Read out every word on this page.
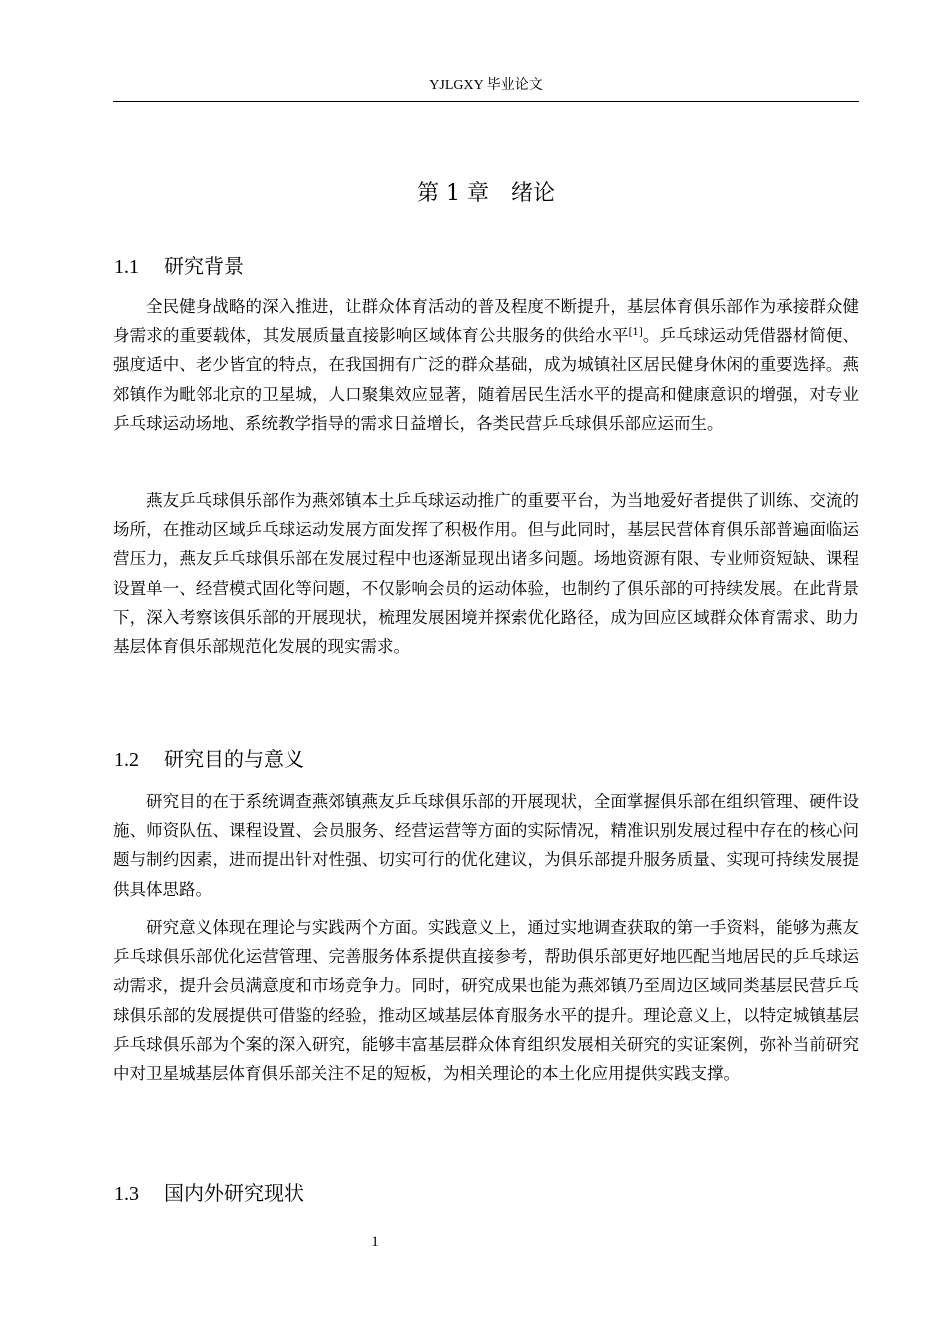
YJLGXY 毕业论文
第 1 章 绪论
1.1 研究背景

全民健身战略的深入推进，让群众体育活动的普及程度不断提升，基层体育俱乐部作为承接群众健身需求的重要载体，其发展质量直接影响区域体育公共服务的供给水平[1]。乒乓球运动凭借器材简便、强度适中、老少皆宜的特点，在我国拥有广泛的群众基础，成为城镇社区居民健身休闲的重要选择。燕郊镇作为毗邻北京的卫星城，人口聚集效应显著，随着居民生活水平的提高和健康意识的增强，对专业乒乓球运动场地、系统教学指导的需求日益增长，各类民营乒乓球俱乐部应运而生。

燕友乒乓球俱乐部作为燕郊镇本土乒乓球运动推广的重要平台，为当地爱好者提供了训练、交流的场所，在推动区域乒乓球运动发展方面发挥了积极作用。但与此同时，基层民营体育俱乐部普遍面临运营压力，燕友乒乓球俱乐部在发展过程中也逐渐显现出诸多问题。场地资源有限、专业师资短缺、课程设置单一、经营模式固化等问题，不仅影响会员的运动体验，也制约了俱乐部的可持续发展。在此背景下，深入考察该俱乐部的开展现状，梳理发展困境并探索优化路径，成为回应区域群众体育需求、助力基层体育俱乐部规范化发展的现实需求。

1.2 研究目的与意义

研究目的在于系统调查燕郊镇燕友乒乓球俱乐部的开展现状，全面掌握俱乐部在组织管理、硬件设施、师资队伍、课程设置、会员服务、经营运营等方面的实际情况，精准识别发展过程中存在的核心问题与制约因素，进而提出针对性强、切实可行的优化建议，为俱乐部提升服务质量、实现可持续发展提供具体思路。

研究意义体现在理论与实践两个方面。实践意义上，通过实地调查获取的第一手资料，能够为燕友乒乓球俱乐部优化运营管理、完善服务体系提供直接参考，帮助俱乐部更好地匹配当地居民的乒乓球运动需求，提升会员满意度和市场竞争力。同时，研究成果也能为燕郊镇乃至周边区域同类基层民营乒乓球俱乐部的发展提供可借鉴的经验，推动区域基层体育服务水平的提升。理论意义上，以特定城镇基层乒乓球俱乐部为个案的深入研究，能够丰富基层群众体育组织发展相关研究的实证案例，弥补当前研究中对卫星城基层体育俱乐部关注不足的短板，为相关理论的本土化应用提供实践支撑。

1.3 国内外研究现状
1
